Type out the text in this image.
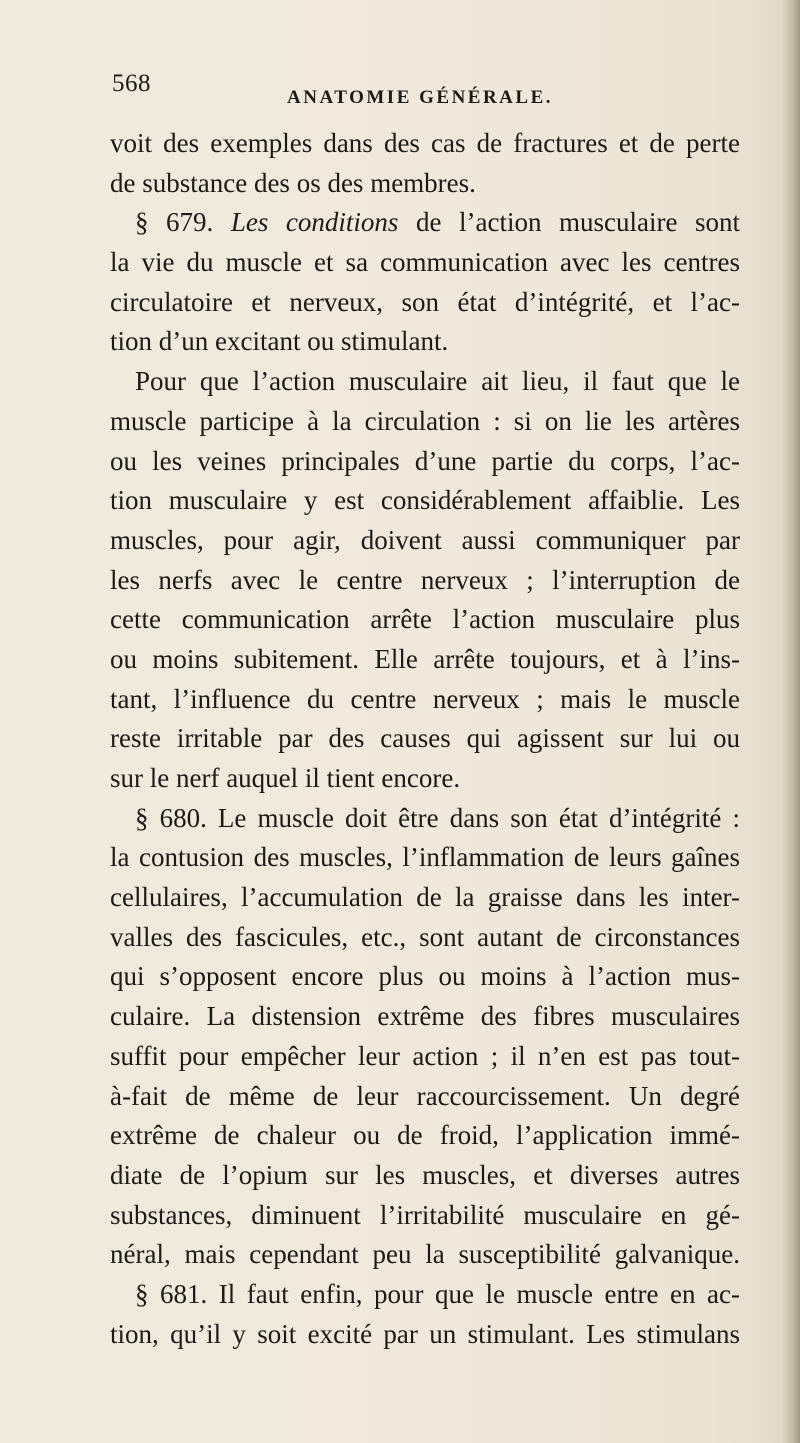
568
ANATOMIE GÉNÉRALE.
voit des exemples dans des cas de fractures et de perte
de substance des os des membres.
§ 679. Les conditions de l’action musculaire sont
la vie du muscle et sa communication avec les centres
circulatoire et nerveux, son état d’intégrité, et l’ac-
tion d’un excitant ou stimulant.
Pour que l’action musculaire ait lieu, il faut que le
muscle participe à la circulation : si on lie les artères
ou les veines principales d’une partie du corps, l’ac-
tion musculaire y est considérablement affaiblie. Les
muscles, pour agir, doivent aussi communiquer par
les nerfs avec le centre nerveux ; l’interruption de
cette communication arrête l’action musculaire plus
ou moins subitement. Elle arrête toujours, et à l’ins-
tant, l’influence du centre nerveux ; mais le muscle
reste irritable par des causes qui agissent sur lui ou
sur le nerf auquel il tient encore.
§ 680. Le muscle doit être dans son état d’intégrité :
la contusion des muscles, l’inflammation de leurs gaînes
cellulaires, l’accumulation de la graisse dans les inter-
valles des fascicules, etc., sont autant de circonstances
qui s’opposent encore plus ou moins à l’action mus-
culaire. La distension extrême des fibres musculaires
suffit pour empêcher leur action ; il n’en est pas tout-
à-fait de même de leur raccourcissement. Un degré
extrême de chaleur ou de froid, l’application immé-
diate de l’opium sur les muscles, et diverses autres
substances, diminuent l’irritabilité musculaire en gé-
néral, mais cependant peu la susceptibilité galvanique.
§ 681. Il faut enfin, pour que le muscle entre en ac-
tion, qu’il y soit excité par un stimulant. Les stimulans
